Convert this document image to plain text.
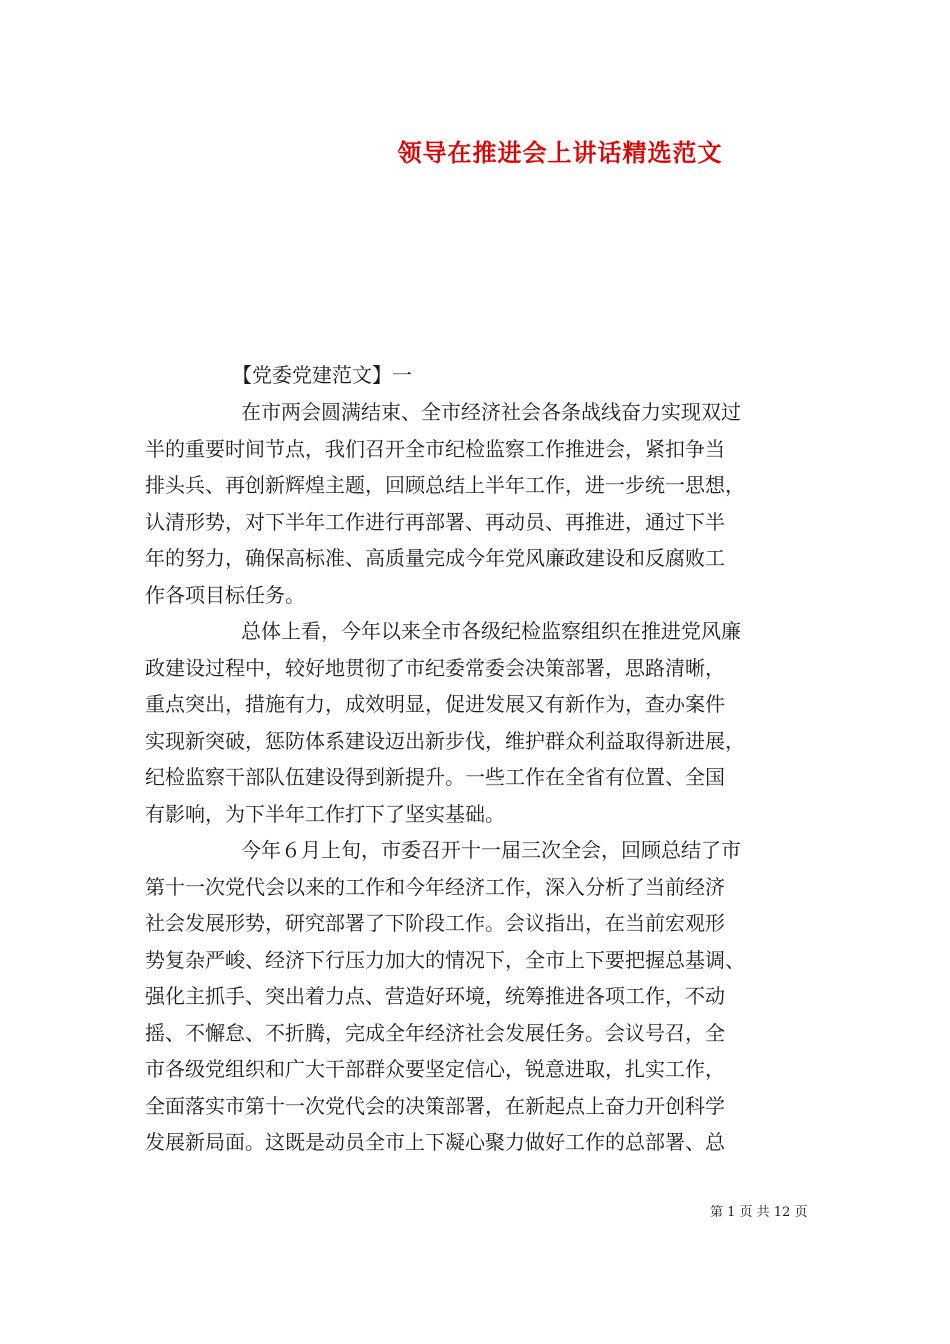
领导在推进会上讲话精选范文
【党委党建范文】一
在市两会圆满结束、全市经济社会各条战线奋力实现双过
半的重要时间节点，我们召开全市纪检监察工作推进会，紧扣争当
排头兵、再创新辉煌主题，回顾总结上半年工作，进一步统一思想，
认清形势，对下半年工作进行再部署、再动员、再推进，通过下半
年的努力，确保高标准、高质量完成今年党风廉政建设和反腐败工
作各项目标任务。
总体上看，今年以来全市各级纪检监察组织在推进党风廉
政建设过程中，较好地贯彻了市纪委常委会决策部署，思路清晰，
重点突出，措施有力，成效明显，促进发展又有新作为，查办案件
实现新突破，惩防体系建设迈出新步伐，维护群众利益取得新进展，
纪检监察干部队伍建设得到新提升。一些工作在全省有位置、全国
有影响，为下半年工作打下了坚实基础。
今年６月上旬，市委召开十一届三次全会，回顾总结了市
第十一次党代会以来的工作和今年经济工作，深入分析了当前经济
社会发展形势，研究部署了下阶段工作。会议指出，在当前宏观形
势复杂严峻、经济下行压力加大的情况下，全市上下要把握总基调、
强化主抓手、突出着力点、营造好环境，统筹推进各项工作，不动
摇、不懈怠、不折腾，完成全年经济社会发展任务。会议号召，全
市各级党组织和广大干部群众要坚定信心，锐意进取，扎实工作，
全面落实市第十一次党代会的决策部署，在新起点上奋力开创科学
发展新局面。这既是动员全市上下凝心聚力做好工作的总部署、总
第 1 页 共 12 页
